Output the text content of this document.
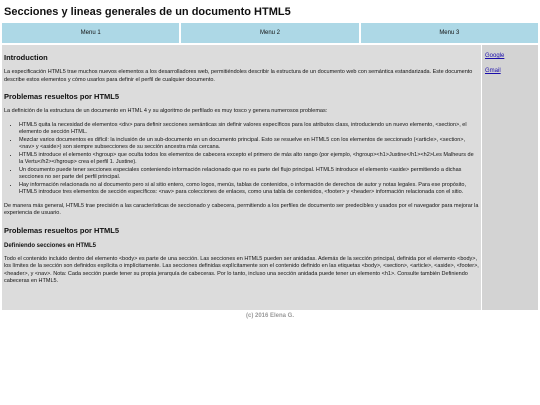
Secciones y lineas generales de un documento HTML5
Menu 1	Menu 2	Menu 3
Introduction

La especificación HTML5 trae muchos nuevos elementos a los desarrolladores web, permitiéndoles describir la estructura de un documento web con semántica estandarizada. Este documento describe estos elementos y cómo usarlos para definir el perfil de cualquier documento.

Problemas resueltos por HTML5

La definición de la estructura de un documento en HTML 4 y su algoritmo de perfilado es muy tosco y genera numerosos problemas:

• HTML5 quita la necesidad de elementos <div> para definir secciones semánticas sin definir valores específicos para los atributos class, introduciendo un nuevo elemento, <section>, el elemento de sección HTML.
• Mezclar varios documentos es difícil: la inclusión de un sub-documento en un documento principal. Esto se resuelve en HTML5 con los elementos de seccionado (<article>, <section>, <nav> y <aside>) son siempre subsecciones de su sección ancestra más cercana.
• HTML5 introduce el elemento <hgroup> que oculta todos los elementos de cabecera excepto el primero de más alto rango (por ejemplo, <hgroup><h1>Justine</h1><h2>Les Malheurs de la Vertu</h2></hgroup> crea el perfil 1. Justine).
• Un documento puede tener secciones especiales conteniendo información relacionado que no es parte del flujo principal. HTML5 introduce el elemento <aside> permitiendo a dichas secciones no ser parte del perfil principal.
• Hay información relacionada no al documento pero si al sitio entero, como logos, menús, tablas de contenidos, o información de derechos de autor y notas legales. Para ese propósito, HTML5 introduce tres elementos de sección específicos: <nav> para colecciones de enlaces, como una tabla de contenidos, <footer> y <header> información relacionada con el sitio.

De manera más general, HTML5 trae precisión a las características de seccionado y cabecera, permitiendo a los perfiles de documento ser predecibles y usados por el navegador para mejorar la experiencia de usuario.

Problemas resueltos por HTML5
Definiendo secciones en HTML5

Todo el contenido incluido dentro del elemento <body> es parte de una sección. Las secciones en HTML5 pueden ser anidadas. Además de la sección principal, definida por el elemento <body>, los límites de la sección son definidos explícita o implícitamente. Las secciones definidas explícitamente son el contenido definido en las etiquetas <body>, <section>, <article>, <aside>, <footer>, <header>, y <nav>. Nota: Cada sección puede tener su propia jerarquía de cabeceras. Por lo tanto, incluso una sección anidada puede tener un elemento <h1>. Consulte también Definiendo cabeceras en HTML5.

Google
Gmail
(c) 2016 Elena G.
